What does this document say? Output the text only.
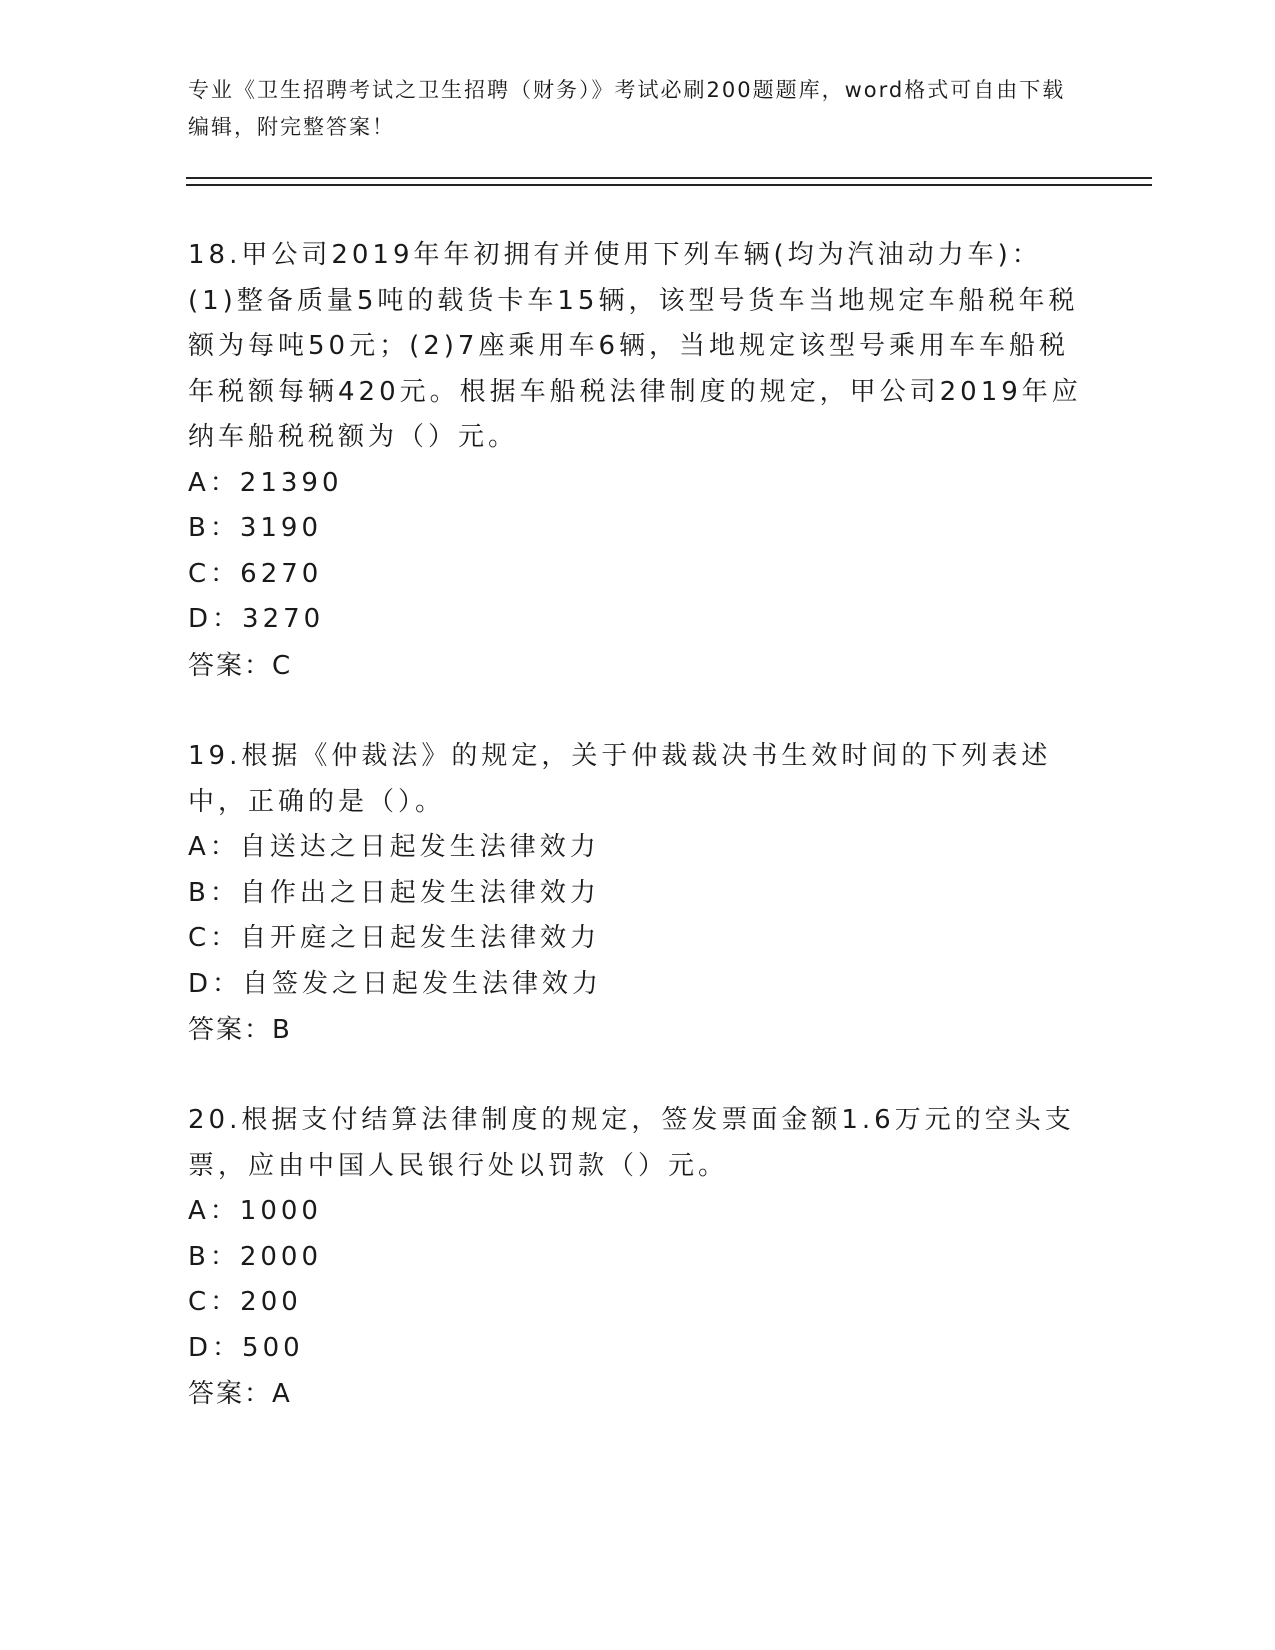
专业《卫生招聘考试之卫生招聘（财务）》考试必刷200题题库，word格式可自由下载编辑，附完整答案！

18.甲公司2019年年初拥有并使用下列车辆(均为汽油动力车)：(1)整备质量5吨的载货卡车15辆，该型号货车当地规定车船税年税额为每吨50元；(2)7座乘用车6辆，当地规定该型号乘用车车船税年税额每辆420元。根据车船税法律制度的规定，甲公司2019年应纳车船税税额为（）元。

A：21390

B：3190

C：6270

D：3270

答案：C

19.根据《仲裁法》的规定，关于仲裁裁决书生效时间的下列表述中，正确的是（）。

A：自送达之日起发生法律效力

B：自作出之日起发生法律效力

C：自开庭之日起发生法律效力

D：自签发之日起发生法律效力

答案：B

20.根据支付结算法律制度的规定，签发票面金额1.6万元的空头支票，应由中国人民银行处以罚款（）元。

A：1000

B：2000

C：200

D：500

答案：A
